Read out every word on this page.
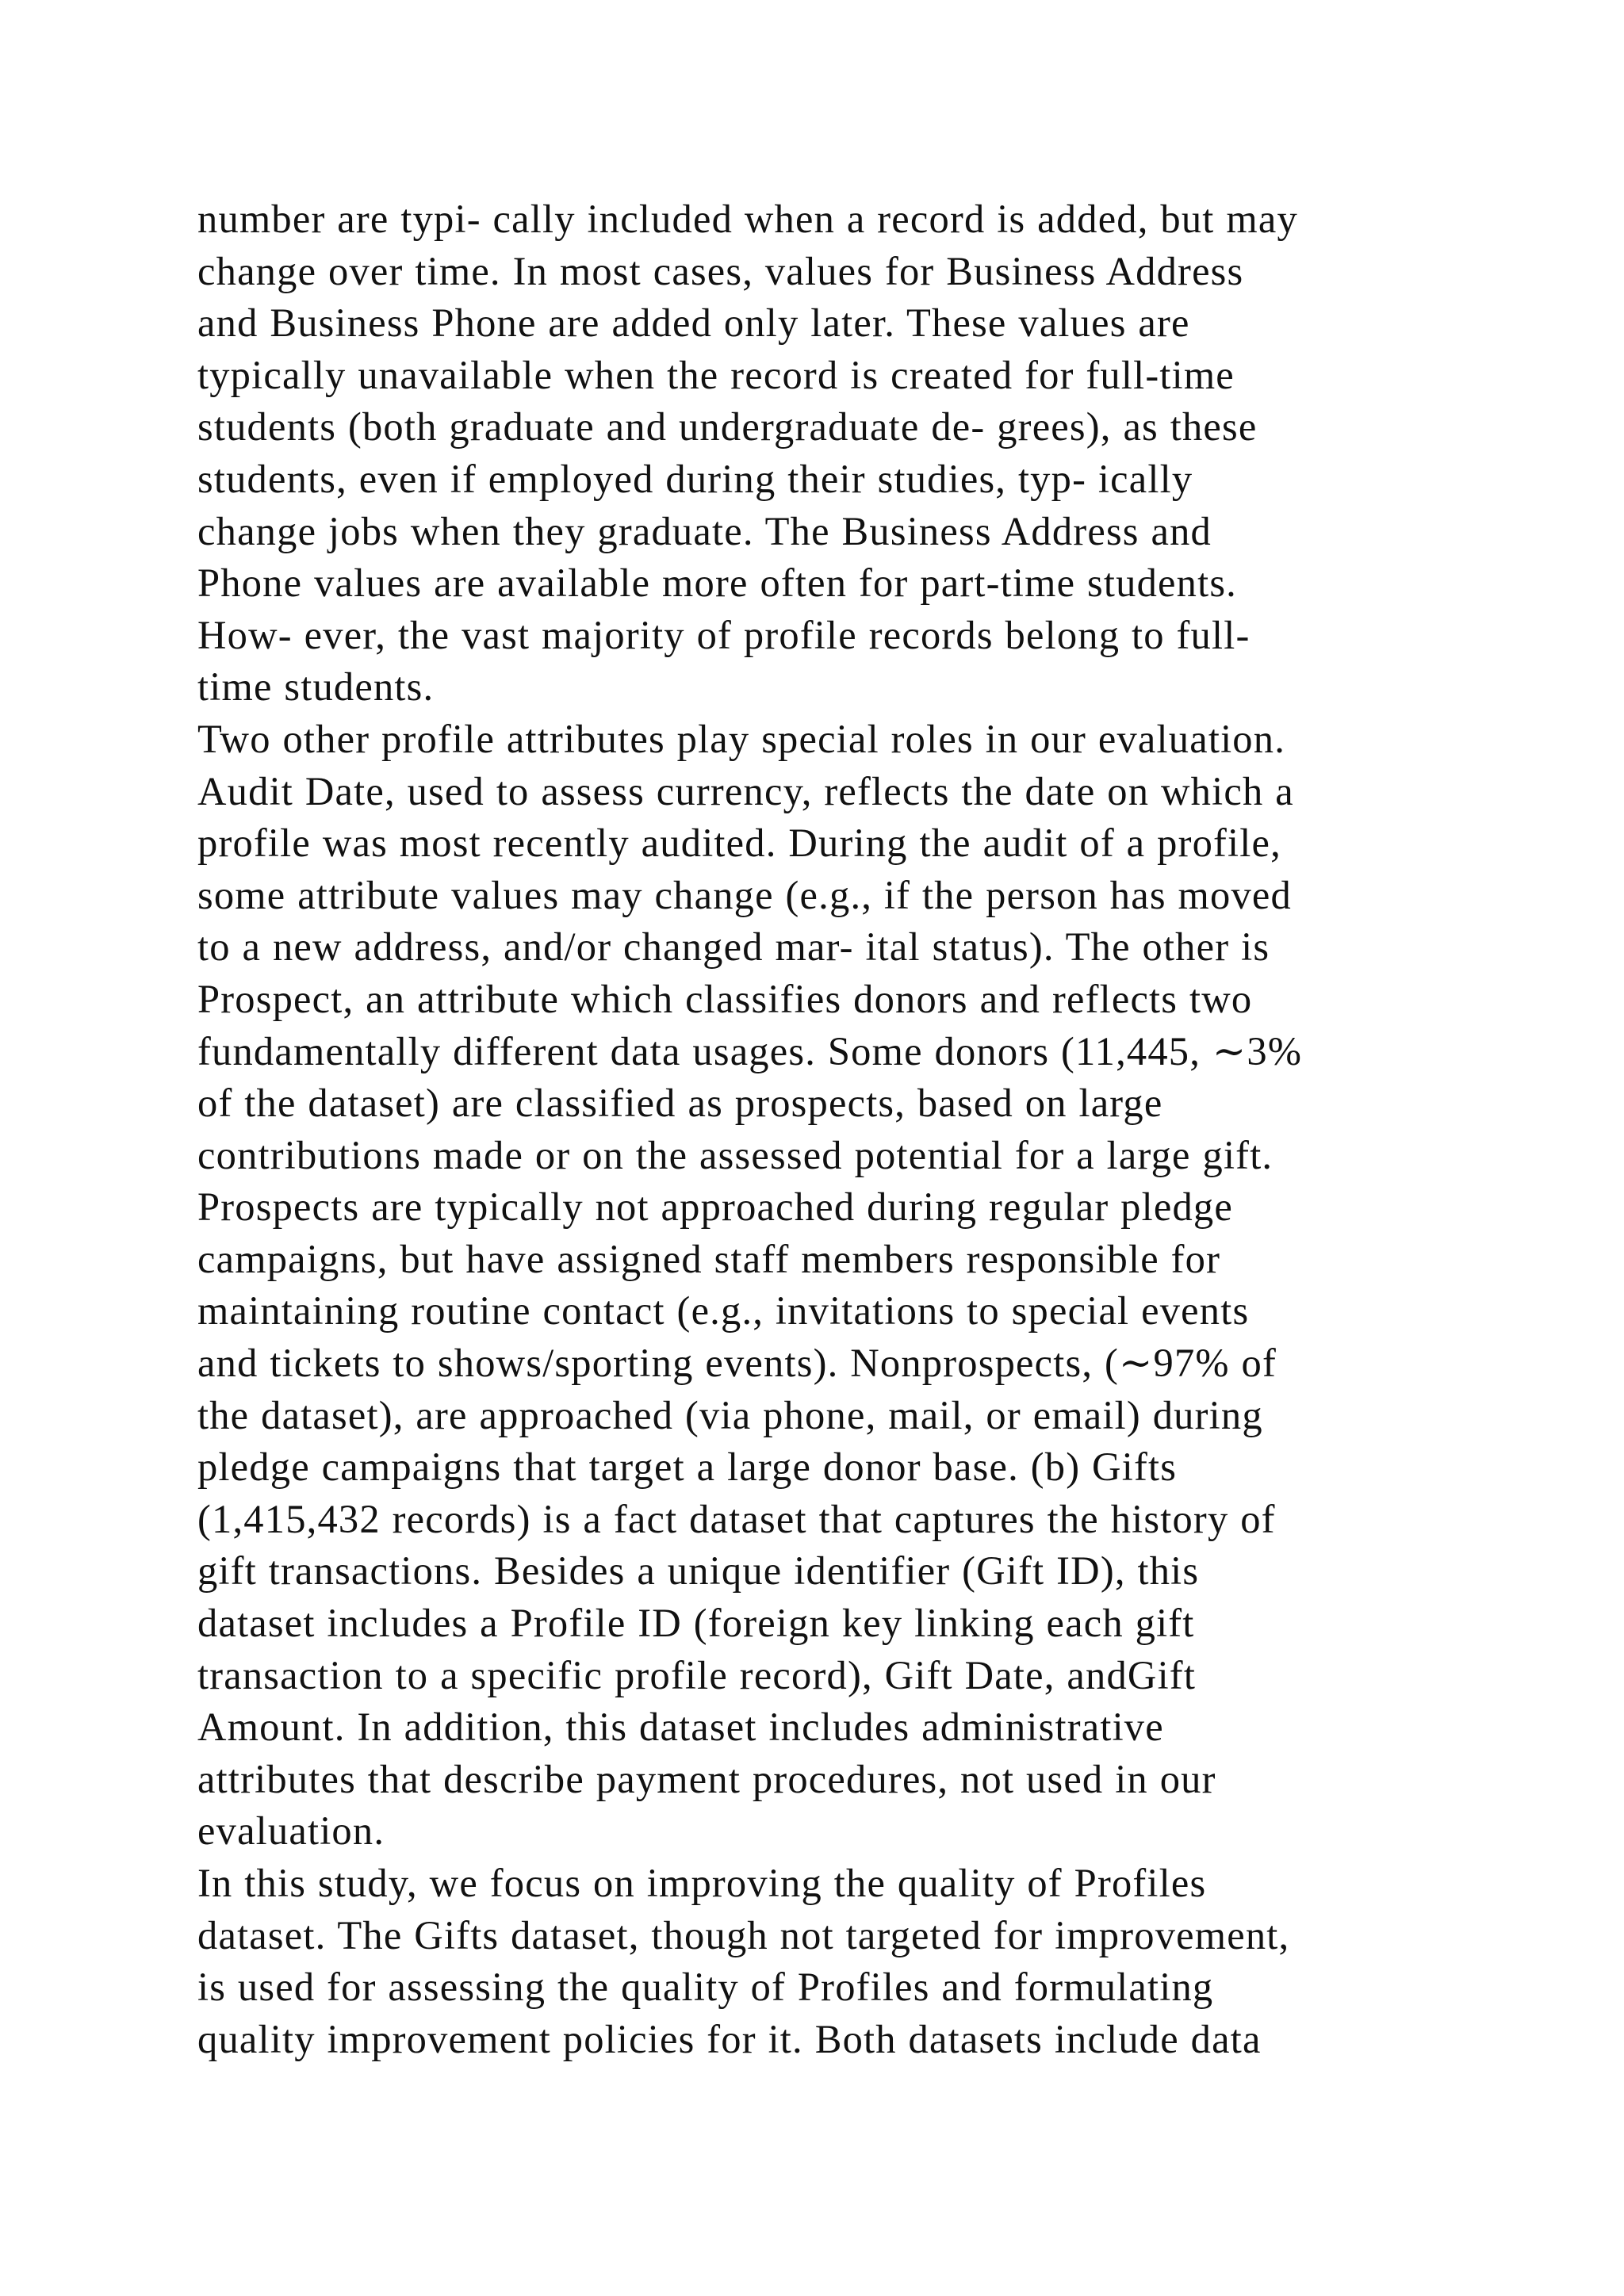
number are typi- cally included when a record is added, but may
change over time. In most cases, values for Business Address
and Business Phone are added only later. These values are
typically unavailable when the record is created for full-time
students (both graduate and undergraduate de- grees), as these
students, even if employed during their studies, typ- ically
change jobs when they graduate. The Business Address and
Phone values are available more often for part-time students.
How- ever, the vast majority of profile records belong to full-
time students.
Two other profile attributes play special roles in our evaluation.
Audit Date, used to assess currency, reflects the date on which a
profile was most recently audited. During the audit of a profile,
some attribute values may change (e.g., if the person has moved
to a new address, and/or changed mar- ital status). The other is
Prospect, an attribute which classifies donors and reflects two
fundamentally different data usages. Some donors (11,445, ∼3%
of the dataset) are classified as prospects, based on large
contributions made or on the assessed potential for a large gift.
Prospects are typically not approached during regular pledge
campaigns, but have assigned staff members responsible for
maintaining routine contact (e.g., invitations to special events
and tickets to shows/sporting events). Nonprospects, (∼97% of
the dataset), are approached (via phone, mail, or email) during
pledge campaigns that target a large donor base. (b) Gifts
(1,415,432 records) is a fact dataset that captures the history of
gift transactions. Besides a unique identifier (Gift ID), this
dataset includes a Profile ID (foreign key linking each gift
transaction to a specific profile record), Gift Date, andGift
Amount. In addition, this dataset includes administrative
attributes that describe payment procedures, not used in our
evaluation.
In this study, we focus on improving the quality of Profiles
dataset. The Gifts dataset, though not targeted for improvement,
is used for assessing the quality of Profiles and formulating
quality improvement policies for it. Both datasets include data
